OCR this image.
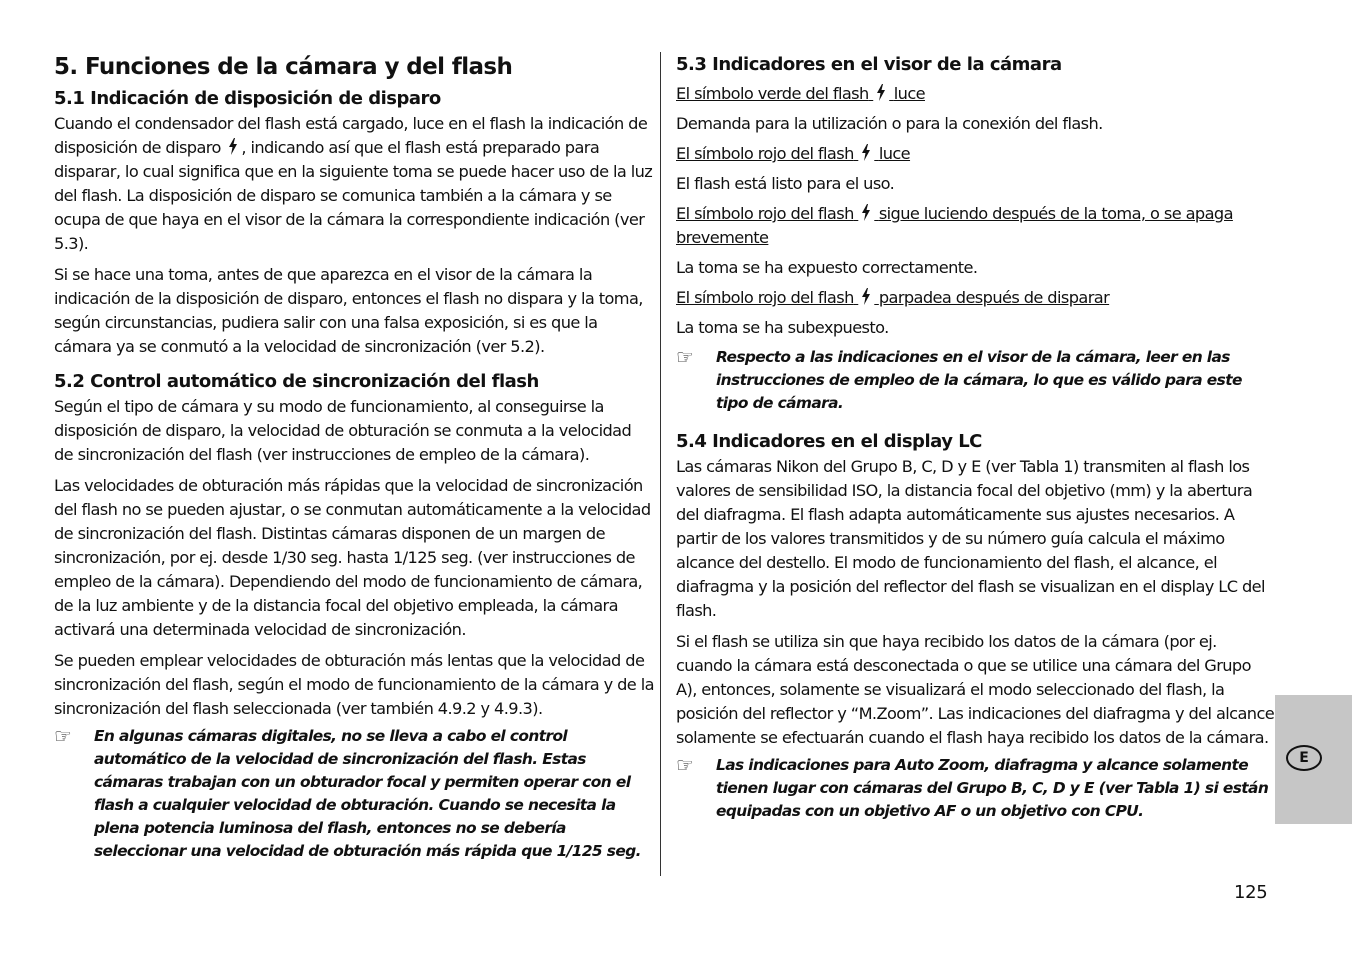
5. Funciones de la cámara y del flash
5.1 Indicación de disposición de disparo

Cuando el condensador del flash está cargado, luce en el flash la indicación de disposición de disparo , indicando así que el flash está preparado para disparar, lo cual significa que en la siguiente toma se puede hacer uso de la luz del flash. La disposición de disparo se comunica también a la cámara y se ocupa de que haya en el visor de la cámara la correspondiente indicación (ver 5.3).

Si se hace una toma, antes de que aparezca en el visor de la cámara la indicación de la disposición de disparo, entonces el flash no dispara y la toma, según circunstancias, pudiera salir con una falsa exposición, si es que la cámara ya se conmutó a la velocidad de sincronización (ver 5.2).

5.2 Control automático de sincronización del flash

Según el tipo de cámara y su modo de funcionamiento, al conseguirse la disposición de disparo, la velocidad de obturación se conmuta a la velocidad de sincronización del flash (ver instrucciones de empleo de la cámara).

Las velocidades de obturación más rápidas que la velocidad de sincronización del flash no se pueden ajustar, o se conmutan automáticamente a la velocidad de sincronización del flash. Distintas cámaras disponen de un margen de sincronización, por ej. desde 1/30 seg. hasta 1/125 seg. (ver instrucciones de empleo de la cámara). Dependiendo del modo de funcionamiento de cámara, de la luz ambiente y de la distancia focal del objetivo empleada, la cámara activará una determinada velocidad de sincronización.

Se pueden emplear velocidades de obturación más lentas que la velocidad de sincronización del flash, según el modo de funcionamiento de la cámara y de la sincronización del flash seleccionada (ver también 4.9.2 y 4.9.3).

☞ En algunas cámaras digitales, no se lleva a cabo el control automático de la velocidad de sincronización del flash. Estas cámaras trabajan con un obturador focal y permiten operar con el flash a cualquier velocidad de obturación. Cuando se necesita la plena potencia luminosa del flash, entonces no se debería seleccionar una velocidad de obturación más rápida que 1/125 seg.
5.3 Indicadores en el visor de la cámara
El símbolo verde del flash luce
Demanda para la utilización o para la conexión del flash.
El símbolo rojo del flash luce
El flash está listo para el uso.
El símbolo rojo del flash sigue luciendo después de la toma, o se apaga brevemente
La toma se ha expuesto correctamente.
El símbolo rojo del flash parpadea después de disparar
La toma se ha subexpuesto.
☞ Respecto a las indicaciones en el visor de la cámara, leer en las instrucciones de empleo de la cámara, lo que es válido para este tipo de cámara.
5.4 Indicadores en el display LC

Las cámaras Nikon del Grupo B, C, D y E (ver Tabla 1) transmiten al flash los valores de sensibilidad ISO, la distancia focal del objetivo (mm) y la abertura del diafragma. El flash adapta automáticamente sus ajustes necesarios. A partir de los valores transmitidos y de su número guía calcula el máximo alcance del destello. El modo de funcionamiento del flash, el alcance, el diafragma y la posición del reflector del flash se visualizan en el display LC del flash.

Si el flash se utiliza sin que haya recibido los datos de la cámara (por ej. cuando la cámara está desconectada o que se utilice una cámara del Grupo A), entonces, solamente se visualizará el modo seleccionado del flash, la posición del reflector y “M.Zoom”. Las indicaciones del diafragma y del alcance solamente se efectuarán cuando el flash haya recibido los datos de la cámara.

☞ Las indicaciones para Auto Zoom, diafragma y alcance solamente tienen lugar con cámaras del Grupo B, C, D y E (ver Tabla 1) si están equipadas con un objetivo AF o un objetivo con CPU.
E
125
